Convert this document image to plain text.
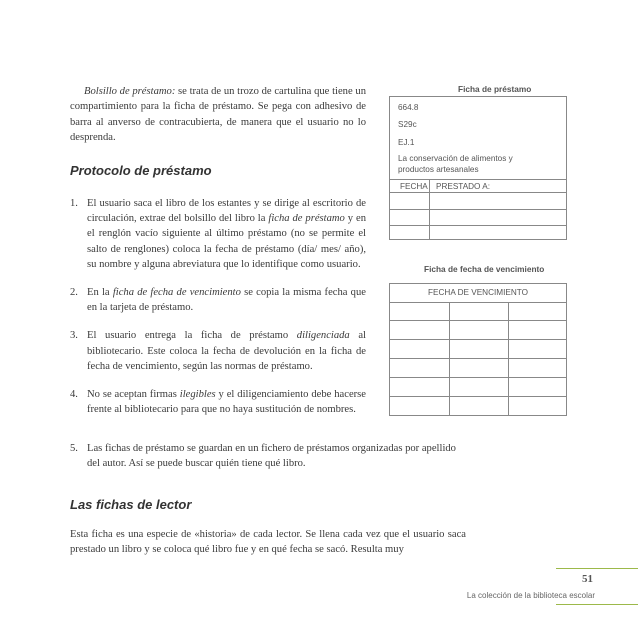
Bolsillo de préstamo: se trata de un trozo de cartulina que tiene un compartimiento para la ficha de préstamo. Se pega con adhesivo de barra al anverso de contracubierta, de manera que el usuario no lo desprenda.

Protocolo de préstamo
1. El usuario saca el libro de los estantes y se dirige al escritorio de circulación, extrae del bolsillo del libro la ficha de préstamo y en el renglón vacío siguiente al último préstamo (no se permite el salto de renglones) coloca la fecha de préstamo (día/ mes/ año), su nombre y alguna abreviatura que lo identifique como usuario.
2. En la ficha de fecha de vencimiento se copia la misma fecha que en la tarjeta de préstamo.
3. El usuario entrega la ficha de préstamo diligenciada al bibliotecario. Este coloca la fecha de devolución en la ficha de fecha de vencimiento, según las normas de préstamo.
4. No se aceptan firmas ilegibles y el diligenciamiento debe hacerse frente al bibliotecario para que no haya sustitución de nombres.
5. Las fichas de préstamo se guardan en un fichero de préstamos organizadas por apellido del autor. Así se puede buscar quién tiene qué libro.
Las fichas de lector

Esta ficha es una especie de «historia» de cada lector. Se llena cada vez que el usuario saca prestado un libro y se coloca qué libro fue y en qué fecha se sacó. Resulta muy

Ficha de préstamo
664.8
S29c
EJ.1
La conservación de alimentos y productos artesanales
FECHA PRESTADO A:
Ficha de fecha de vencimiento
FECHA DE VENCIMIENTO
51
La colección de la biblioteca escolar
